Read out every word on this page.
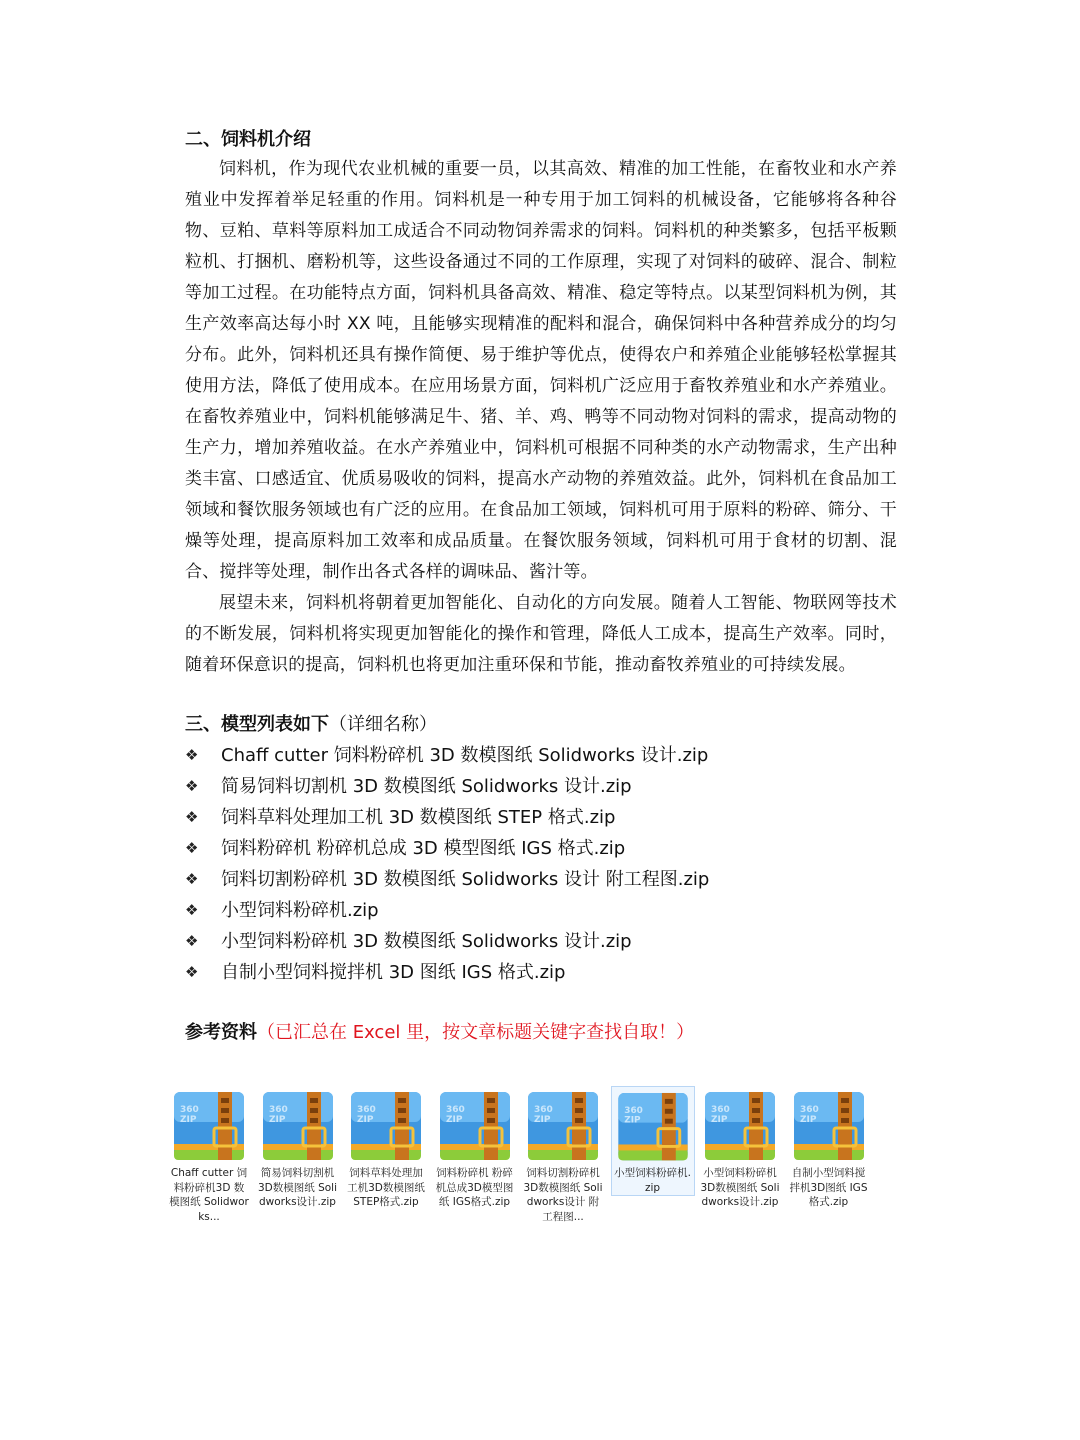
二、饲料机介绍

饲料机，作为现代农业机械的重要一员，以其高效、精准的加工性能，在畜牧业和水产养殖业中发挥着举足轻重的作用。饲料机是一种专用于加工饲料的机械设备，它能够将各种谷物、豆粕、草料等原料加工成适合不同动物饲养需求的饲料。饲料机的种类繁多，包括平板颗粒机、打捆机、磨粉机等，这些设备通过不同的工作原理，实现了对饲料的破碎、混合、制粒等加工过程。在功能特点方面，饲料机具备高效、精准、稳定等特点。以某型饲料机为例，其生产效率高达每小时 XX 吨，且能够实现精准的配料和混合，确保饲料中各种营养成分的均匀分布。此外，饲料机还具有操作简便、易于维护等优点，使得农户和养殖企业能够轻松掌握其使用方法，降低了使用成本。在应用场景方面，饲料机广泛应用于畜牧养殖业和水产养殖业。在畜牧养殖业中，饲料机能够满足牛、猪、羊、鸡、鸭等不同动物对饲料的需求，提高动物的生产力，增加养殖收益。在水产养殖业中，饲料机可根据不同种类的水产动物需求，生产出种类丰富、口感适宜、优质易吸收的饲料，提高水产动物的养殖效益。此外，饲料机在食品加工领域和餐饮服务领域也有广泛的应用。在食品加工领域，饲料机可用于原料的粉碎、筛分、干燥等处理，提高原料加工效率和成品质量。在餐饮服务领域，饲料机可用于食材的切割、混合、搅拌等处理，制作出各式各样的调味品、酱汁等。

展望未来，饲料机将朝着更加智能化、自动化的方向发展。随着人工智能、物联网等技术的不断发展，饲料机将实现更加智能化的操作和管理，降低人工成本，提高生产效率。同时，随着环保意识的提高，饲料机也将更加注重环保和节能，推动畜牧养殖业的可持续发展。

三、模型列表如下（详细名称）
❖	Chaff cutter 饲料粉碎机 3D 数模图纸 Solidworks 设计.zip
❖	简易饲料切割机 3D 数模图纸 Solidworks 设计.zip
❖	饲料草料处理加工机 3D 数模图纸 STEP 格式.zip
❖	饲料粉碎机 粉碎机总成 3D 模型图纸 IGS 格式.zip
❖	饲料切割粉碎机 3D 数模图纸 Solidworks 设计 附工程图.zip
❖	小型饲料粉碎机.zip
❖	小型饲料粉碎机 3D 数模图纸 Solidworks 设计.zip
❖	自制小型饲料搅拌机 3D 图纸 IGS 格式.zip
参考资料（已汇总在 Excel 里，按文章标题关键字查找自取！）
360
ZIP
Chaff cutter 饲料粉碎机3D 数模图纸 Solidworks...
360
ZIP
简易饲料切割机3D数模图纸 Solidworks设计.zip
360
ZIP
饲料草料处理加工机3D数模图纸 STEP格式.zip
360
ZIP
饲料粉碎机 粉碎机总成3D模型图纸 IGS格式.zip
360
ZIP
饲料切割粉碎机3D数模图纸 Solidworks设计 附工程图...
360
ZIP
小型饲料粉碎机.zip
360
ZIP
小型饲料粉碎机3D数模图纸 Solidworks设计.zip
360
ZIP
自制小型饲料搅拌机3D图纸 IGS格式.zip
